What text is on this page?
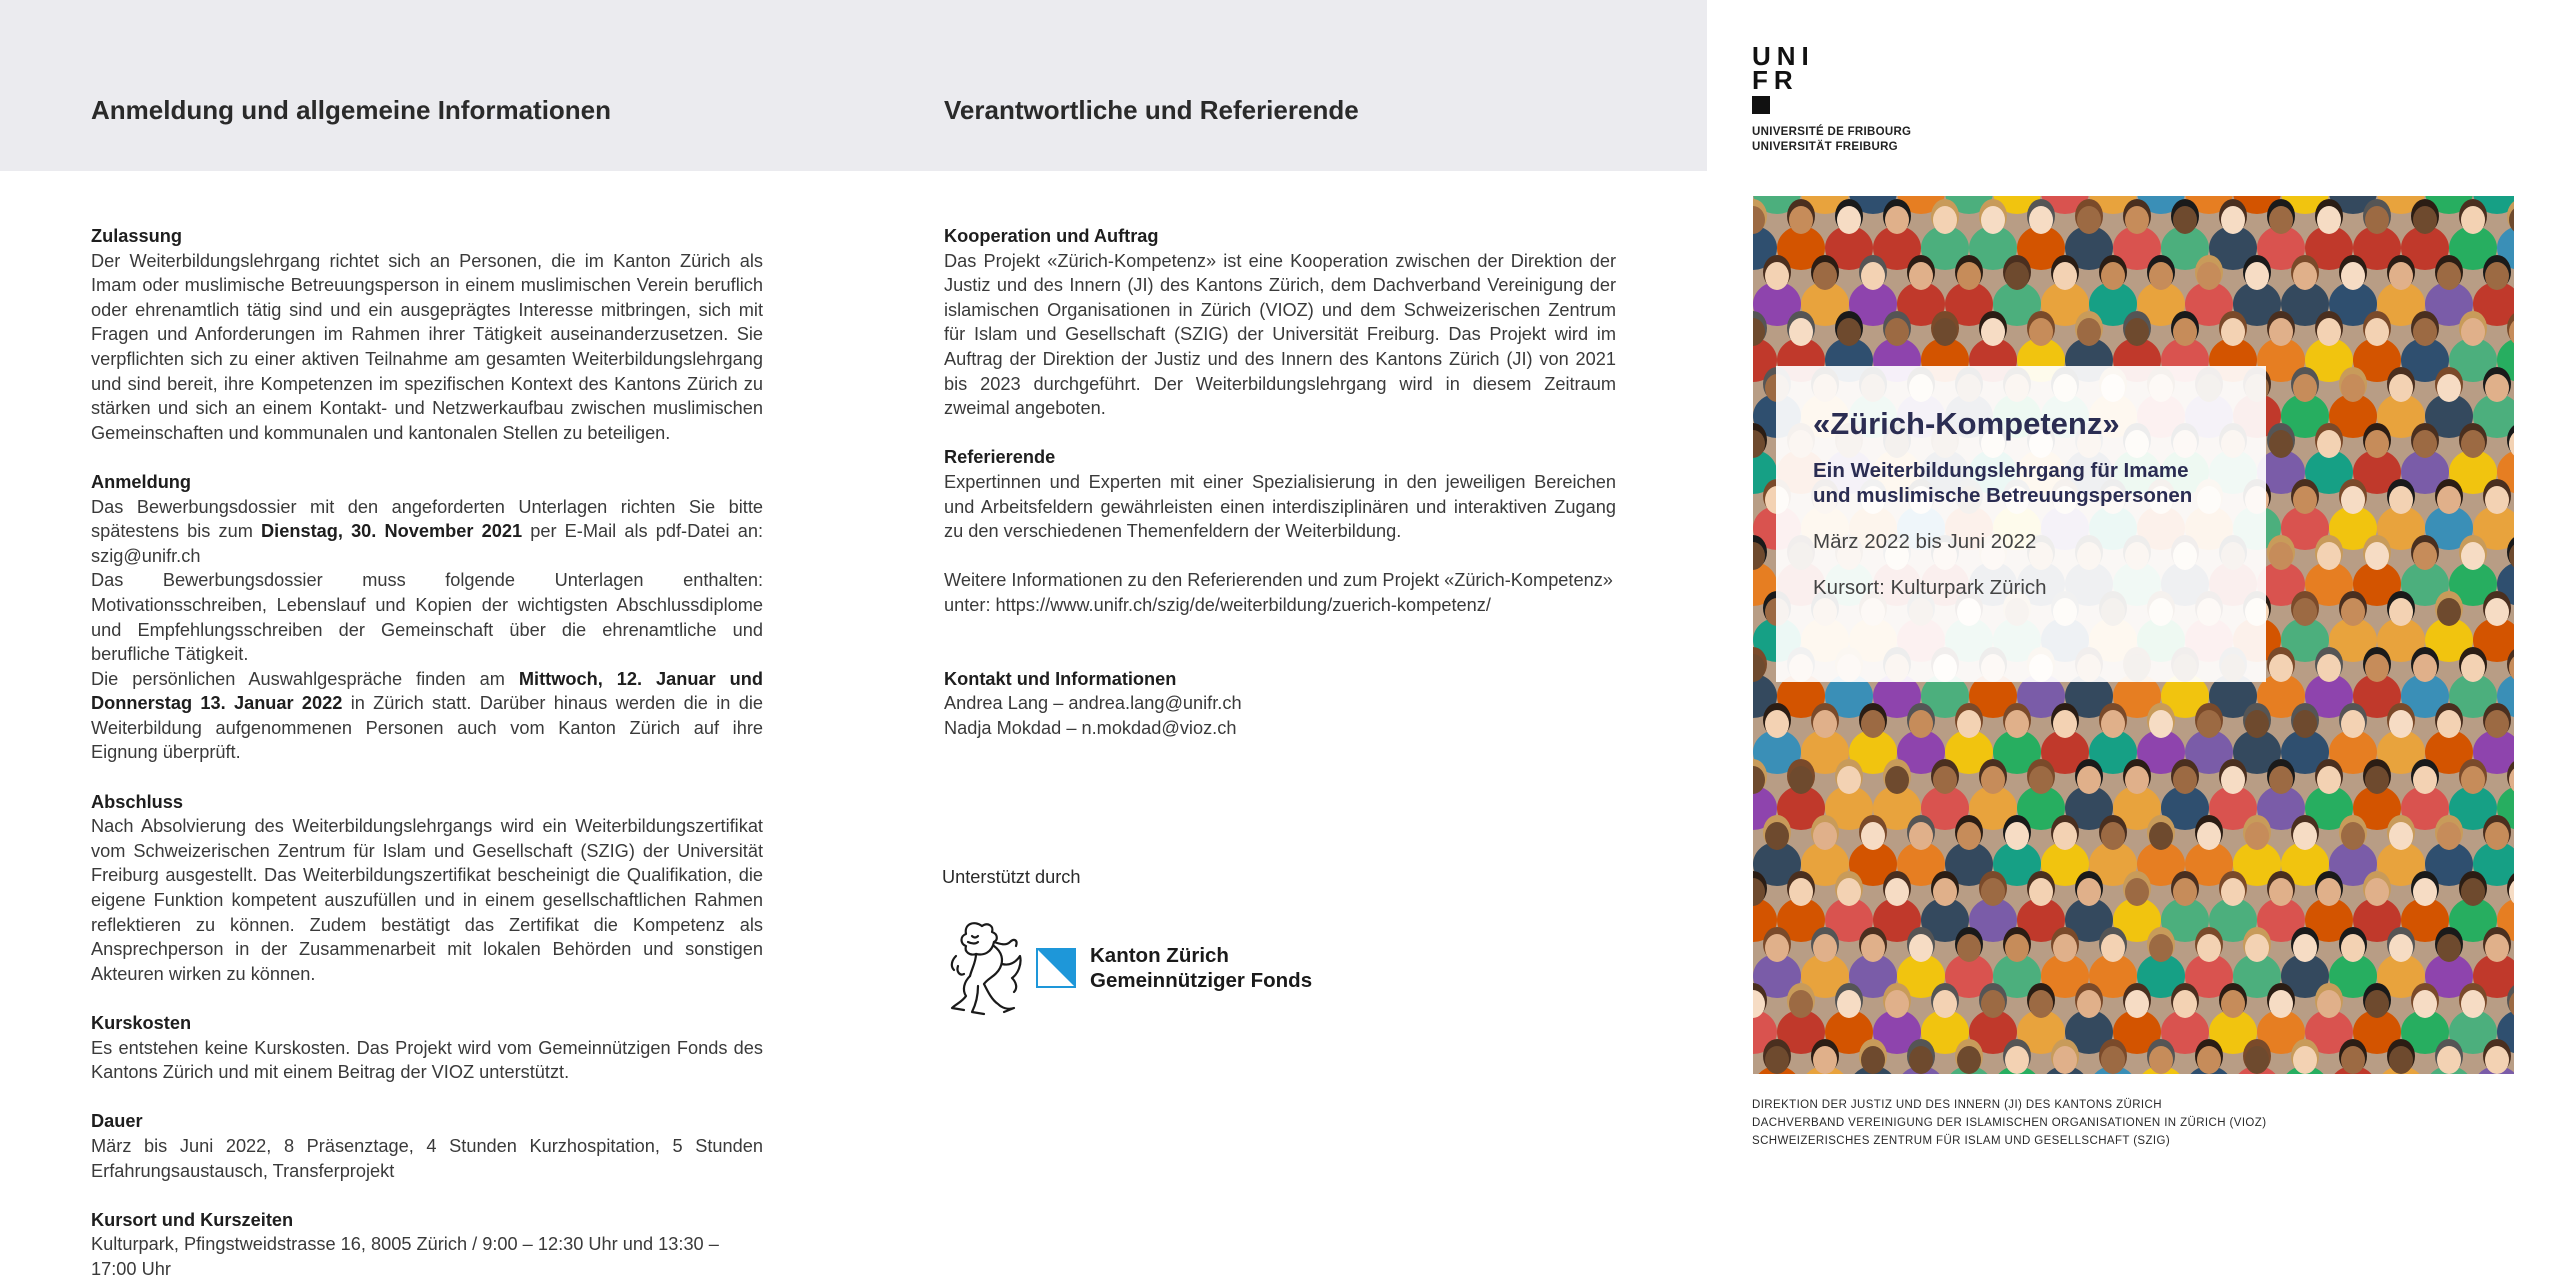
Anmeldung und allgemeine Informationen	Verantwortliche und Referierende
Zulassung

Der Weiterbildungslehrgang richtet sich an Personen, die im Kanton Zürich als Imam oder muslimische Betreuungsperson in einem muslimischen Verein beruflich oder ehrenamtlich tätig sind und ein ausgeprägtes Interesse mitbringen, sich mit Fragen und Anforderungen im Rahmen ihrer Tätigkeit auseinanderzusetzen. Sie verpflichten sich zu einer aktiven Teilnahme am gesamten Weiterbildungslehrgang und sind bereit, ihre Kompetenzen im spezifischen Kontext des Kantons Zürich zu stärken und sich an einem Kontakt- und Netzwerkaufbau zwischen muslimischen Gemeinschaften und kommunalen und kantonalen Stellen zu beteiligen.

Anmeldung

Das Bewerbungsdossier mit den angeforderten Unterlagen richten Sie bitte spätestens bis zum Dienstag, 30. November 2021 per E-Mail als pdf-Datei an: szig@unifr.ch

Das Bewerbungsdossier muss folgende Unterlagen enthalten: Motivationsschreiben, Lebenslauf und Kopien der wichtigsten Abschlussdiplome und Empfehlungsschreiben der Gemeinschaft über die ehrenamtliche und berufliche Tätigkeit.

Die persönlichen Auswahlgespräche finden am Mittwoch, 12. Januar und Donnerstag 13. Januar 2022 in Zürich statt. Darüber hinaus werden die in die Weiterbildung aufgenommenen Personen auch vom Kanton Zürich auf ihre Eignung überprüft.

Abschluss

Nach Absolvierung des Weiterbildungslehrgangs wird ein Weiterbildungszertifikat vom Schweizerischen Zentrum für Islam und Gesellschaft (SZIG) der Universität Freiburg ausgestellt. Das Weiterbildungszertifikat bescheinigt die Qualifikation, die eigene Funktion kompetent auszufüllen und in einem gesellschaftlichen Rahmen reflektieren zu können. Zudem bestätigt das Zertifikat die Kompetenz als Ansprechperson in der Zusammenarbeit mit lokalen Behörden und sonstigen Akteuren wirken zu können.

Kurskosten

Es entstehen keine Kurskosten. Das Projekt wird vom Gemeinnützigen Fonds des Kantons Zürich und mit einem Beitrag der VIOZ unterstützt.

Dauer

März bis Juni 2022, 8 Präsenztage, 4 Stunden Kurzhospitation, 5 Stunden Erfahrungsaustausch, Transferprojekt

Kursort und Kurszeiten

Kulturpark, Pfingstweidstrasse 16, 8005 Zürich / 9:00 – 12:30 Uhr und 13:30 – 17:00 Uhr

Kooperation und Auftrag

Das Projekt «Zürich-Kompetenz» ist eine Kooperation zwischen der Direktion der Justiz und des Innern (JI) des Kantons Zürich, dem Dachverband Vereinigung der islamischen Organisationen in Zürich (VIOZ) und dem Schweizerischen Zentrum für Islam und Gesellschaft (SZIG) der Universität Freiburg. Das Projekt wird im Auftrag der Direktion der Justiz und des Innern des Kantons Zürich (JI) von 2021 bis 2023 durchgeführt. Der Weiterbildungslehrgang wird in diesem Zeitraum zweimal angeboten.

Referierende

Expertinnen und Experten mit einer Spezialisierung in den jeweiligen Bereichen und Arbeitsfeldern gewährleisten einen interdisziplinären und interaktiven Zugang zu den verschiedenen Themenfeldern der Weiterbildung.

Weitere Informationen zu den Referierenden und zum Projekt «Zürich-Kompetenz»

unter: https://www.unifr.ch/szig/de/weiterbildung/zuerich-kompetenz/

Kontakt und Informationen

Andrea Lang – andrea.lang@unifr.ch

Nadja Mokdad – n.mokdad@vioz.ch

Unterstützt durch

Kanton Zürich
Gemeinnütziger Fonds
UNI
FR
UNIVERSITÉ DE FRIBOURG
UNIVERSITÄT FREIBURG

«Zürich-Kompetenz»

Ein Weiterbildungslehrgang für Imame
und muslimische Betreuungspersonen

März 2022 bis Juni 2022

Kursort: Kulturpark Zürich

DIREKTION DER JUSTIZ UND DES INNERN (JI) DES KANTONS ZÜRICH
DACHVERBAND VEREINIGUNG DER ISLAMISCHEN ORGANISATIONEN IN ZÜRICH (VIOZ)
SCHWEIZERISCHES ZENTRUM FÜR ISLAM UND GESELLSCHAFT (SZIG)
